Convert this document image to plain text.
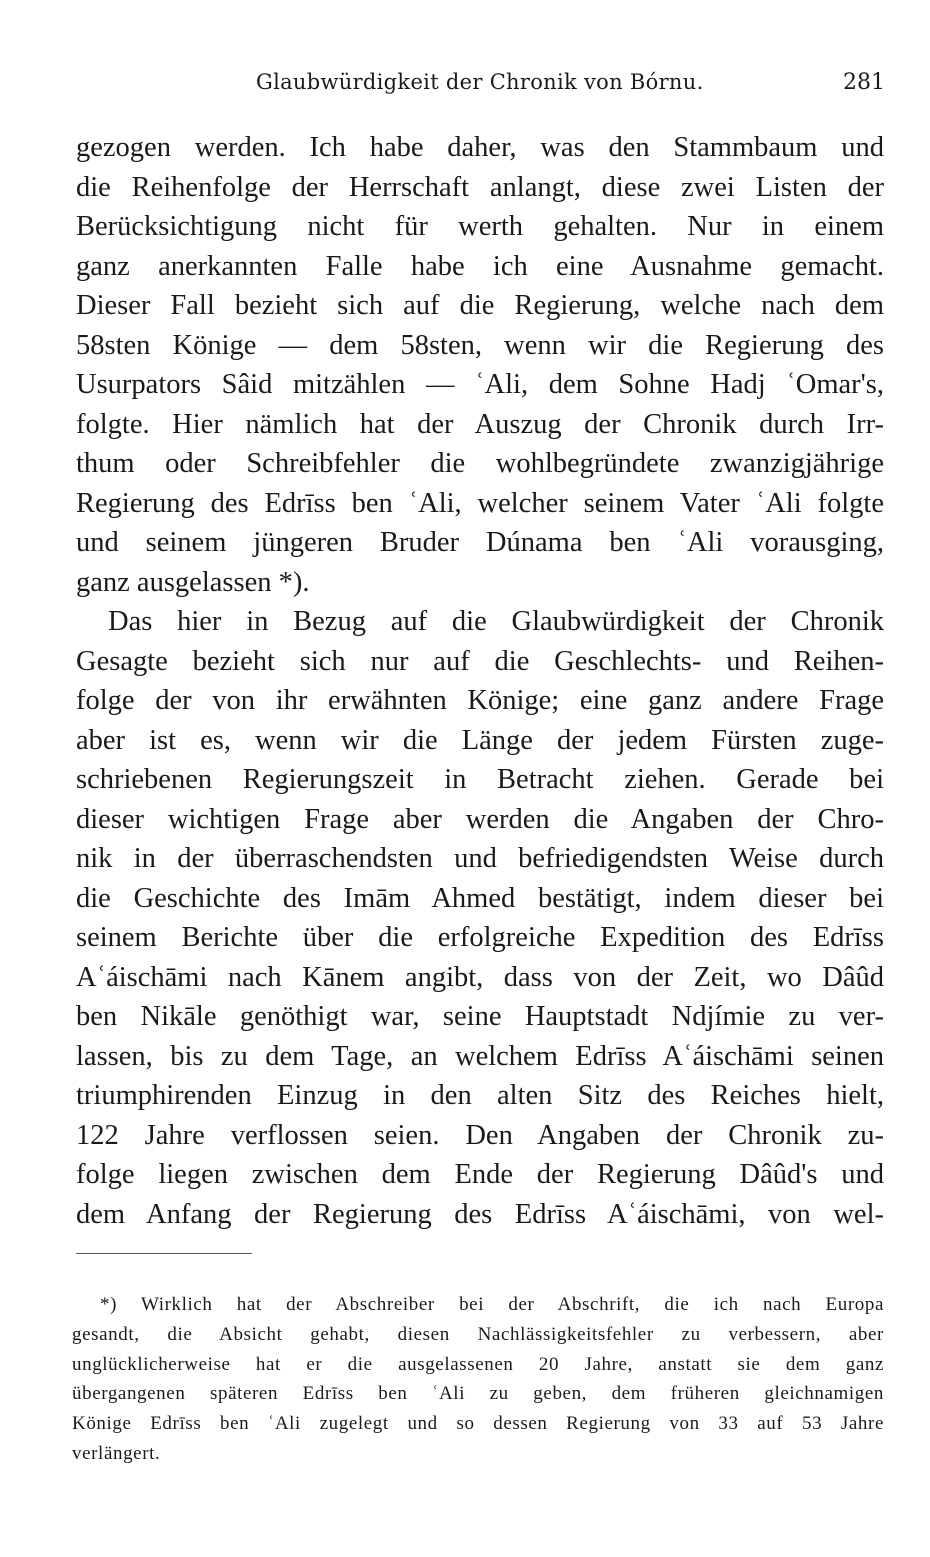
Glaubwürdigkeit der Chronik von Bórnu.	281
gezogen werden. Ich habe daher, was den Stammbaum und
die Reihenfolge der Herrschaft anlangt, diese zwei Listen der
Berücksichtigung nicht für werth gehalten. Nur in einem
ganz anerkannten Falle habe ich eine Ausnahme gemacht.
Dieser Fall bezieht sich auf die Regierung, welche nach dem
58sten Könige — dem 58sten, wenn wir die Regierung des
Usurpators Sâid mitzählen — ʿAli, dem Sohne Hadj ʿOmar's,
folgte. Hier nämlich hat der Auszug der Chronik durch Irr-
thum oder Schreibfehler die wohlbegründete zwanzigjährige
Regierung des Edrīss ben ʿAli, welcher seinem Vater ʿAli folgte
und seinem jüngeren Bruder Dúnama ben ʿAli vorausging,
ganz ausgelassen *).
Das hier in Bezug auf die Glaubwürdigkeit der Chronik
Gesagte bezieht sich nur auf die Geschlechts- und Reihen-
folge der von ihr erwähnten Könige; eine ganz andere Frage
aber ist es, wenn wir die Länge der jedem Fürsten zuge-
schriebenen Regierungszeit in Betracht ziehen. Gerade bei
dieser wichtigen Frage aber werden die Angaben der Chro-
nik in der überraschendsten und befriedigendsten Weise durch
die Geschichte des Imām Ahmed bestätigt, indem dieser bei
seinem Berichte über die erfolgreiche Expedition des Edrīss
Aʿáischāmi nach Kānem angibt, dass von der Zeit, wo Dâûd
ben Nikāle genöthigt war, seine Hauptstadt Ndjímie zu ver-
lassen, bis zu dem Tage, an welchem Edrīss Aʿáischāmi seinen
triumphirenden Einzug in den alten Sitz des Reiches hielt,
122 Jahre verflossen seien. Den Angaben der Chronik zu-
folge liegen zwischen dem Ende der Regierung Dâûd's und
dem Anfang der Regierung des Edrīss Aʿáischāmi, von wel-
*) Wirklich hat der Abschreiber bei der Abschrift, die ich nach Europa
gesandt, die Absicht gehabt, diesen Nachlässigkeitsfehler zu verbessern, aber
unglücklicherweise hat er die ausgelassenen 20 Jahre, anstatt sie dem ganz
übergangenen späteren Edrīss ben ʿAli zu geben, dem früheren gleichnamigen
Könige Edrīss ben ʿAli zugelegt und so dessen Regierung von 33 auf 53 Jahre
verlängert.
